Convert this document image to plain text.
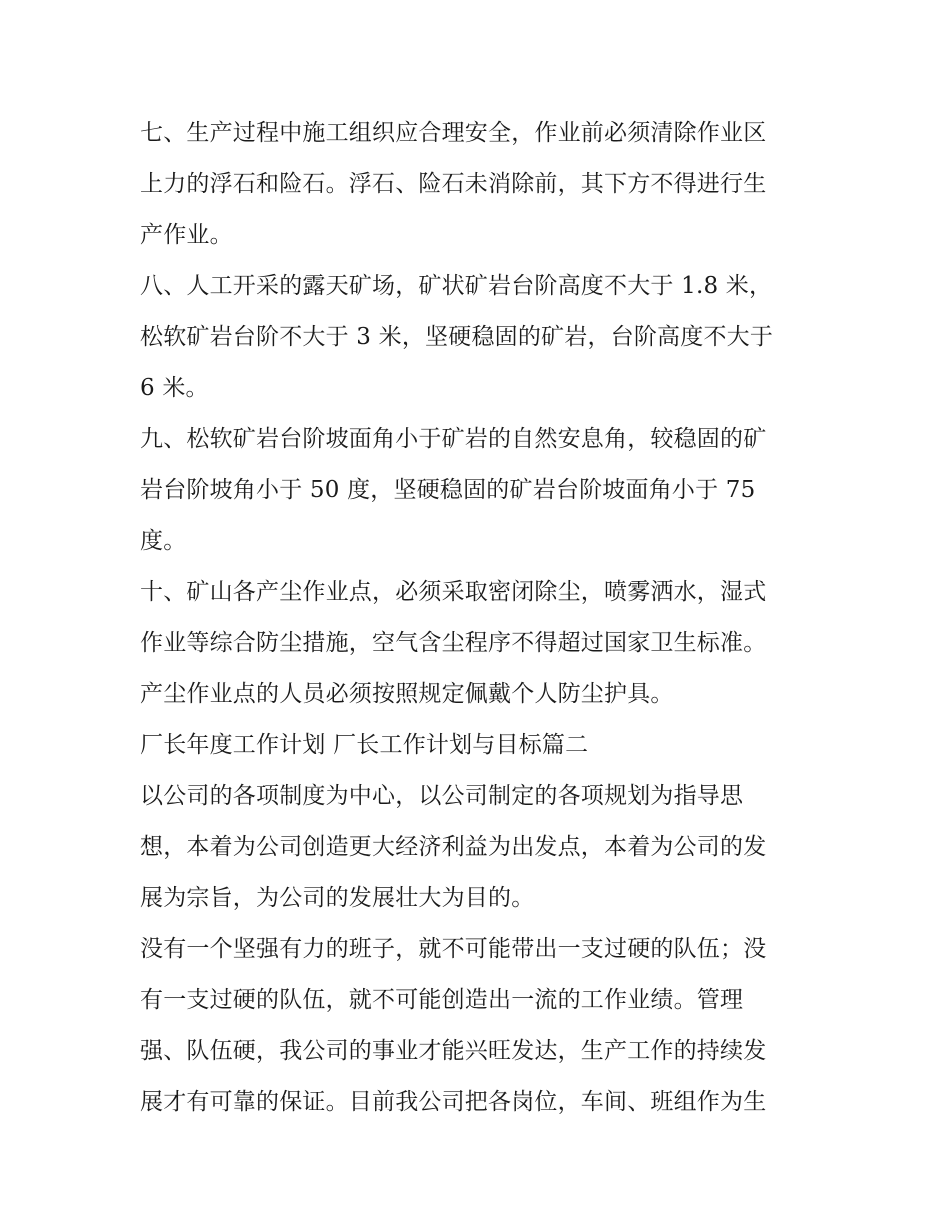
七、生产过程中施工组织应合理安全，作业前必须清除作业区
上力的浮石和险石。浮石、险石未消除前，其下方不得进行生
产作业。

八、人工开采的露天矿场，矿状矿岩台阶高度不大于 1.8 米，
松软矿岩台阶不大于 3 米，坚硬稳固的矿岩，台阶高度不大于
6 米。

九、松软矿岩台阶坡面角小于矿岩的自然安息角，较稳固的矿
岩台阶坡角小于 50 度，坚硬稳固的矿岩台阶坡面角小于 75
度。

十、矿山各产尘作业点，必须采取密闭除尘，喷雾洒水，湿式
作业等综合防尘措施，空气含尘程序不得超过国家卫生标准。
产尘作业点的人员必须按照规定佩戴个人防尘护具。

厂长年度工作计划 厂长工作计划与目标篇二

以公司的各项制度为中心，以公司制定的各项规划为指导思
想，本着为公司创造更大经济利益为出发点，本着为公司的发
展为宗旨，为公司的发展壮大为目的。

没有一个坚强有力的班子，就不可能带出一支过硬的队伍；没
有一支过硬的队伍，就不可能创造出一流的工作业绩。管理
强、队伍硬，我公司的事业才能兴旺发达，生产工作的持续发
展才有可靠的保证。目前我公司把各岗位，车间、班组作为生
